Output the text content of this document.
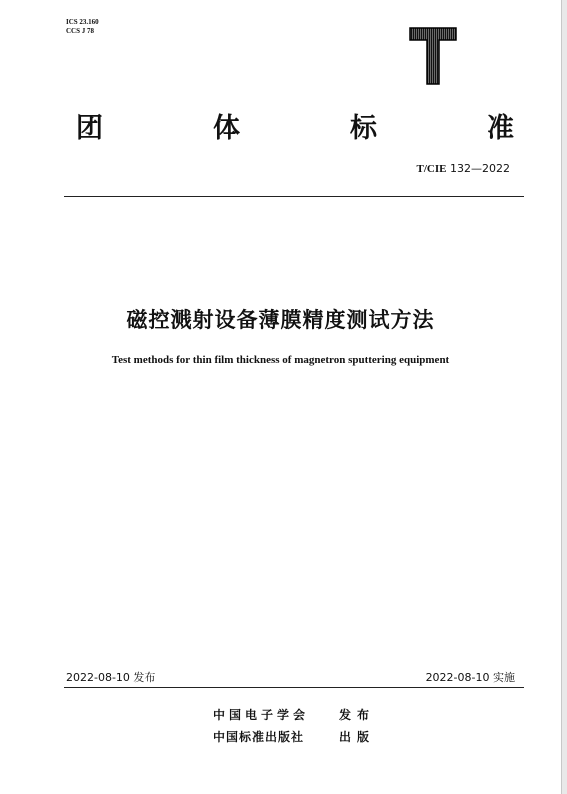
ICS 23.160
CCS J 78
团	体	标	准
T/CIE 132—2022
磁控溅射设备薄膜精度测试方法
Test methods for thin film thickness of magnetron sputtering equipment
2022-08-10 发布	2022-08-10 实施
中国电子学会	发布
中国标准出版社	出版
